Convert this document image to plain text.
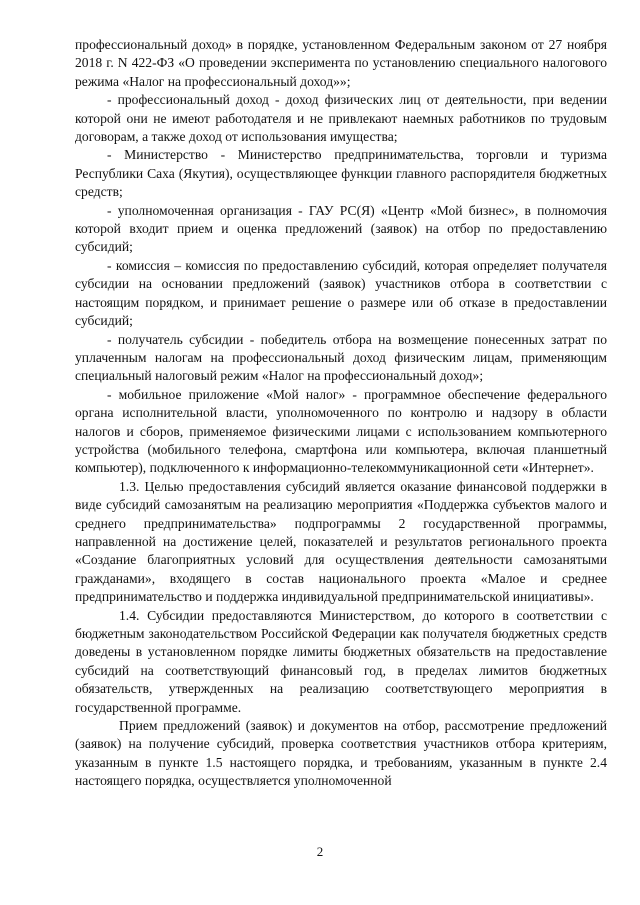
профессиональный доход» в порядке, установленном Федеральным законом от 27 ноября 2018 г. N 422-ФЗ «О проведении эксперимента по установлению специального налогового режима «Налог на профессиональный доход»»;

- профессиональный доход - доход физических лиц от деятельности, при ведении которой они не имеют работодателя и не привлекают наемных работников по трудовым договорам, а также доход от использования имущества;

- Министерство - Министерство предпринимательства, торговли и туризма Республики Саха (Якутия), осуществляющее функции главного распорядителя бюджетных средств;

- уполномоченная организация - ГАУ РС(Я) «Центр «Мой бизнес», в полномочия которой входит прием и оценка предложений (заявок) на отбор по предоставлению субсидий;

- комиссия – комиссия по предоставлению субсидий, которая определяет получателя субсидии на основании предложений (заявок) участников отбора в соответствии с настоящим порядком, и принимает решение о размере или об отказе в предоставлении субсидий;

- получатель субсидии - победитель отбора на возмещение понесенных затрат по уплаченным налогам на профессиональный доход физическим лицам, применяющим специальный налоговый режим «Налог на профессиональный доход»;

- мобильное приложение «Мой налог» - программное обеспечение федерального органа исполнительной власти, уполномоченного по контролю и надзору в области налогов и сборов, применяемое физическими лицами с использованием компьютерного устройства (мобильного телефона, смартфона или компьютера, включая планшетный компьютер), подключенного к информационно-телекоммуникационной сети «Интернет».

1.3. Целью предоставления субсидий является оказание финансовой поддержки в виде субсидий самозанятым на реализацию мероприятия «Поддержка субъектов малого и среднего предпринимательства» подпрограммы 2 государственной программы, направленной на достижение целей, показателей и результатов регионального проекта «Создание благоприятных условий для осуществления деятельности самозанятыми гражданами», входящего в состав национального проекта «Малое и среднее предпринимательство и поддержка индивидуальной предпринимательской инициативы».

1.4. Субсидии предоставляются Министерством, до которого в соответствии с бюджетным законодательством Российской Федерации как получателя бюджетных средств доведены в установленном порядке лимиты бюджетных обязательств на предоставление субсидий на соответствующий финансовый год, в пределах лимитов бюджетных обязательств, утвержденных на реализацию соответствующего мероприятия в государственной программе.

Прием предложений (заявок) и документов на отбор, рассмотрение предложений (заявок) на получение субсидий, проверка соответствия участников отбора критериям, указанным в пункте 1.5 настоящего порядка, и требованиям, указанным в пункте 2.4 настоящего порядка, осуществляется уполномоченной

2
